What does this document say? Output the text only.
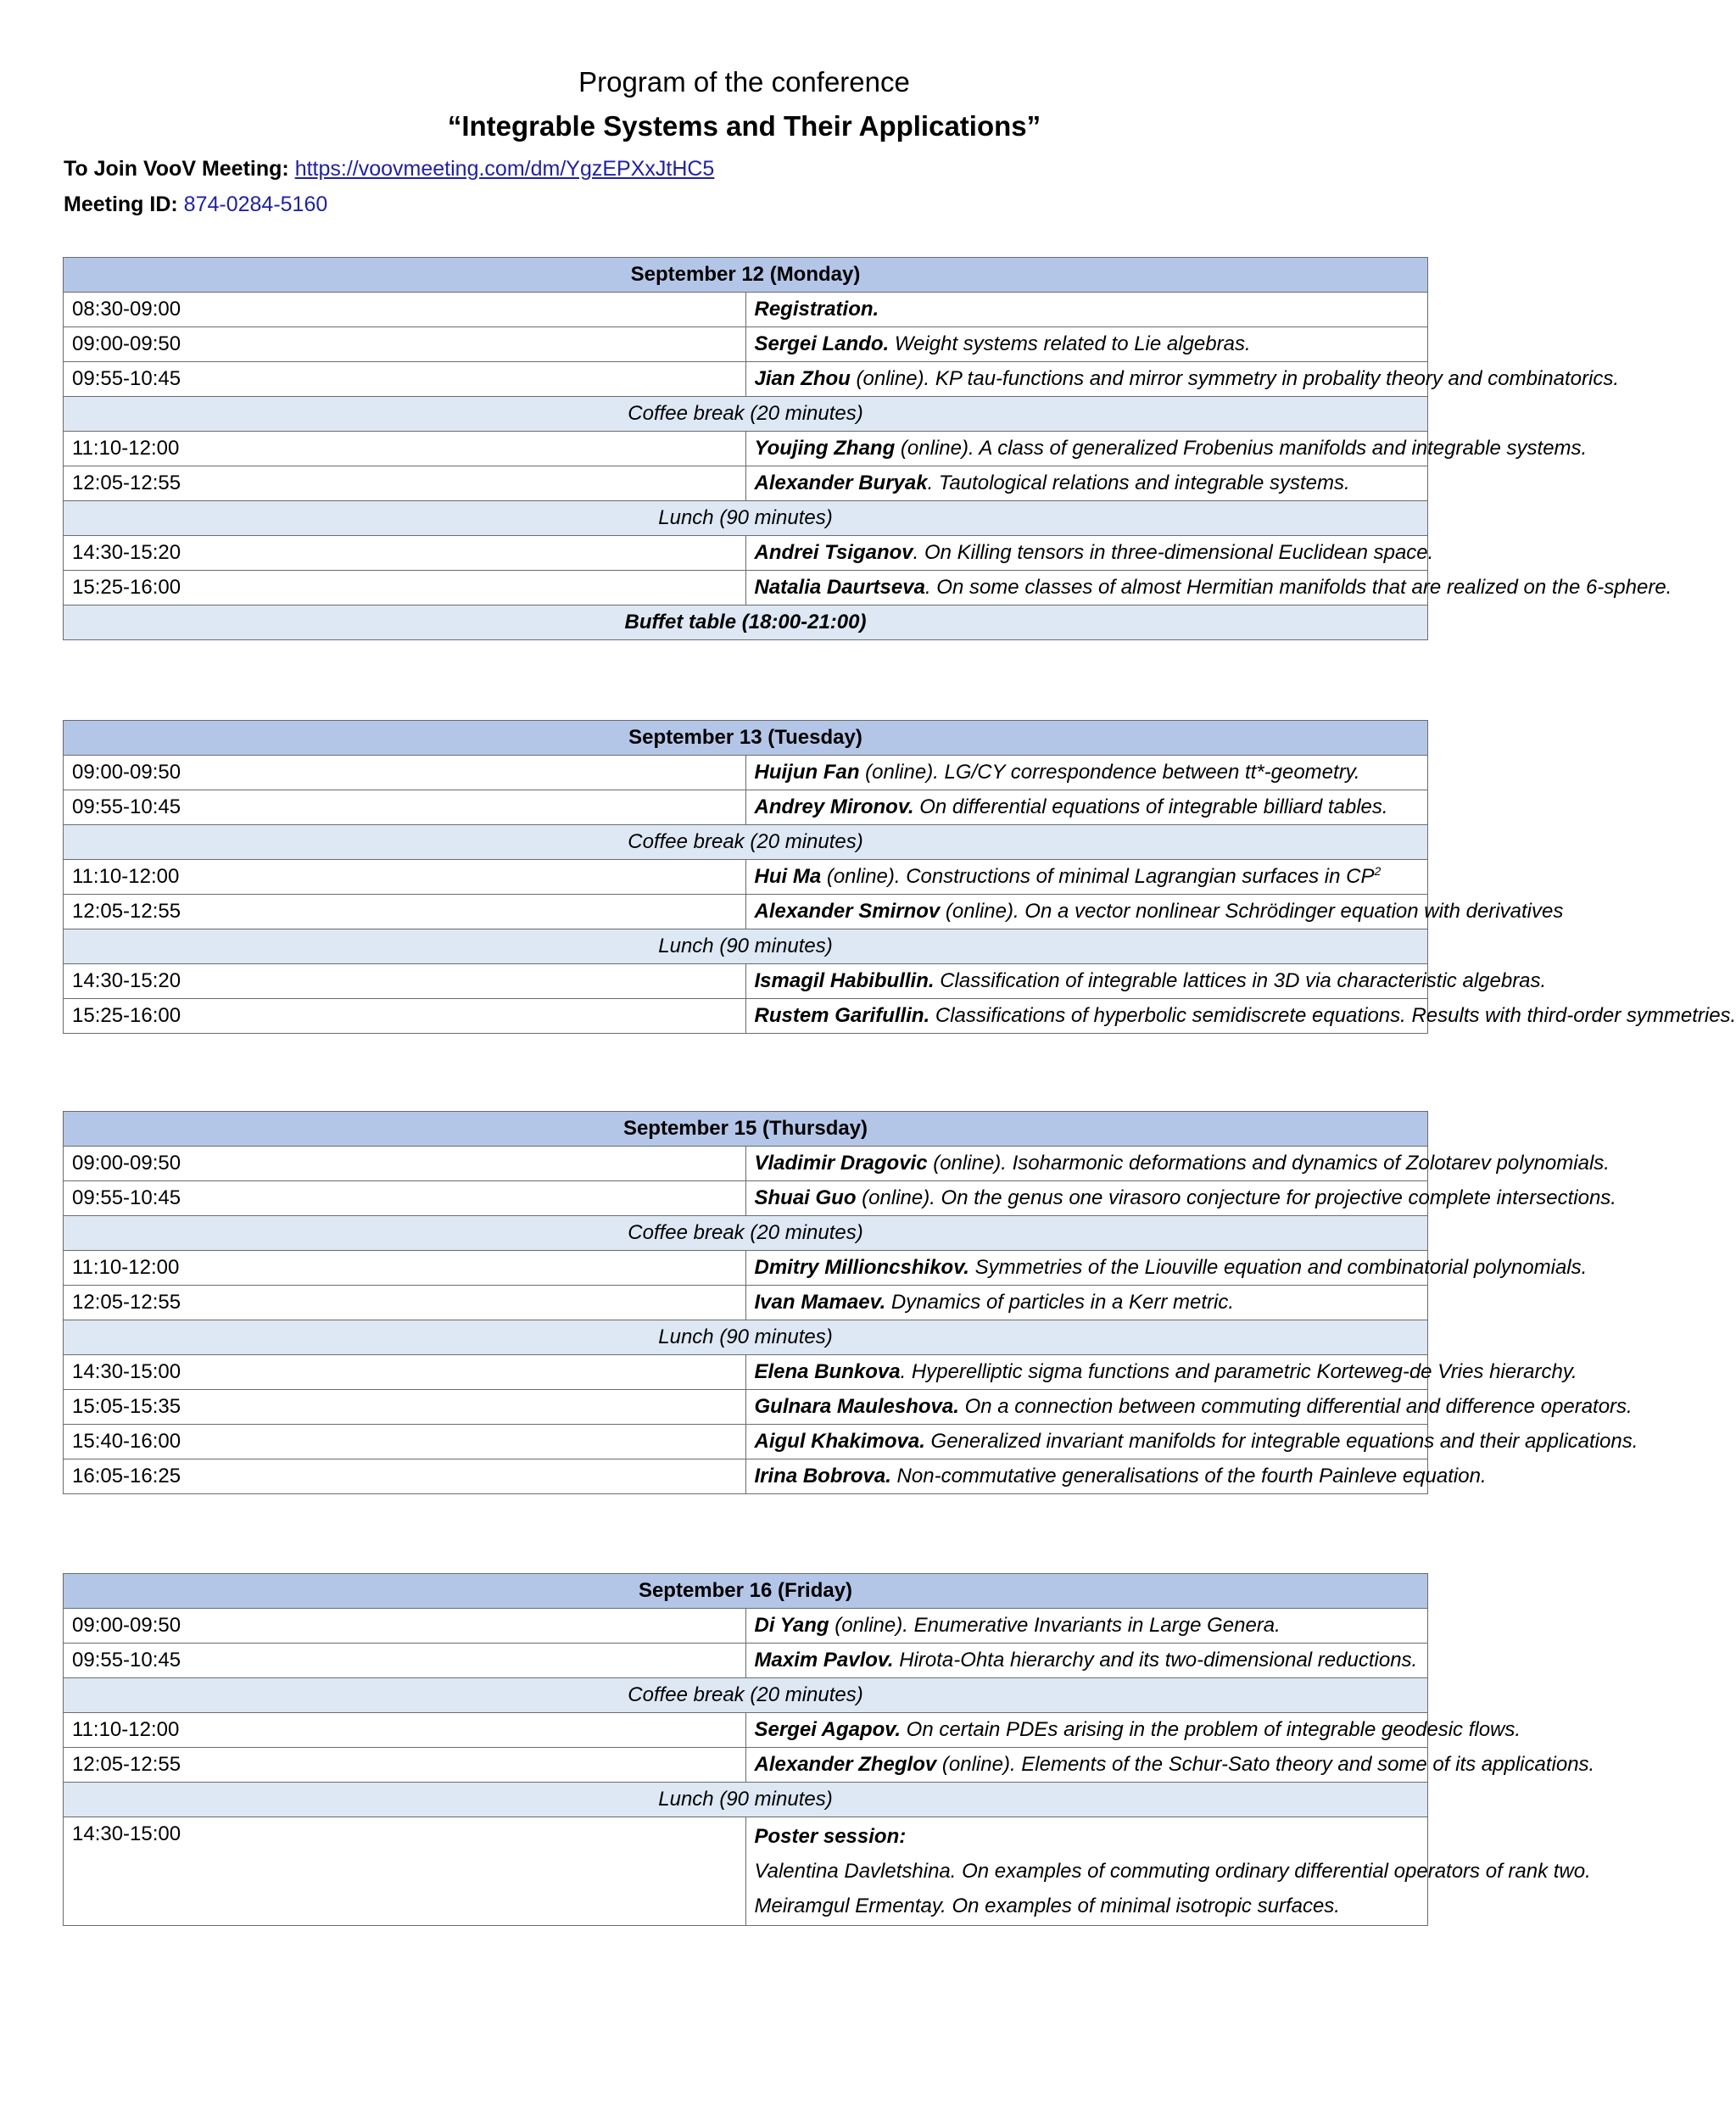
Program of the conference
“Integrable Systems and Their Applications”
To Join VooV Meeting: https://voovmeeting.com/dm/YgzEPXxJtHC5
Meeting ID: 874-0284-5160
September 12 (Monday)	
08:30-09:00	Registration.
09:00-09:50	Sergei Lando. Weight systems related to Lie algebras.
09:55-10:45	Jian Zhou (online). KP tau-functions and mirror symmetry in probality theory and combinatorics.
Coffee break (20 minutes)	
11:10-12:00	Youjing Zhang (online). A class of generalized Frobenius manifolds and integrable systems.
12:05-12:55	Alexander Buryak. Tautological relations and integrable systems.
Lunch (90 minutes)	
14:30-15:20	Andrei Tsiganov. On Killing tensors in three-dimensional Euclidean space.
15:25-16:00	Natalia Daurtseva. On some classes of almost Hermitian manifolds that are realized on the 6-sphere.
Buffet table (18:00-21:00)	
September 13 (Tuesday)	
09:00-09:50	Huijun Fan (online). LG/CY correspondence between tt*-geometry.
09:55-10:45	Andrey Mironov. On differential equations of integrable billiard tables.
Coffee break (20 minutes)	
11:10-12:00	Hui Ma (online). Constructions of minimal Lagrangian surfaces in $CP^2$
12:05-12:55	Alexander Smirnov (online). On a vector nonlinear Schrödinger equation with derivatives
Lunch (90 minutes)	
14:30-15:20	Ismagil Habibullin. Classification of integrable lattices in 3D via characteristic algebras.
15:25-16:00	Rustem Garifullin. Classifications of hyperbolic semidiscrete equations. Results with third-order symmetries.
September 15 (Thursday)	
09:00-09:50	Vladimir Dragovic (online). Isoharmonic deformations and dynamics of Zolotarev polynomials.
09:55-10:45	Shuai Guo (online). On the genus one virasoro conjecture for projective complete intersections.
Coffee break (20 minutes)	
11:10-12:00	Dmitry Millioncshikov. Symmetries of the Liouville equation and combinatorial polynomials.
12:05-12:55	Ivan Mamaev. Dynamics of particles in a Kerr metric.
Lunch (90 minutes)	
14:30-15:00	Elena Bunkova. Hyperelliptic sigma functions and parametric Korteweg-de Vries hierarchy.
15:05-15:35	Gulnara Mauleshova. On a connection between commuting differential and difference operators.
15:40-16:00	Aigul Khakimova. Generalized invariant manifolds for integrable equations and their applications.
16:05-16:25	Irina Bobrova. Non-commutative generalisations of the fourth Painleve equation.
September 16 (Friday)	
09:00-09:50	Di Yang (online). Enumerative Invariants in Large Genera.
09:55-10:45	Maxim Pavlov. Hirota-Ohta hierarchy and its two-dimensional reductions.
Coffee break (20 minutes)	
11:10-12:00	Sergei Agapov. On certain PDEs arising in the problem of integrable geodesic flows.
12:05-12:55	Alexander Zheglov (online). Elements of the Schur-Sato theory and some of its applications.
Lunch (90 minutes)	
14:30-15:00	Poster session:
Valentina Davletshina. On examples of commuting ordinary differential operators of rank two.
Meiramgul Ermentay. On examples of minimal isotropic surfaces.
